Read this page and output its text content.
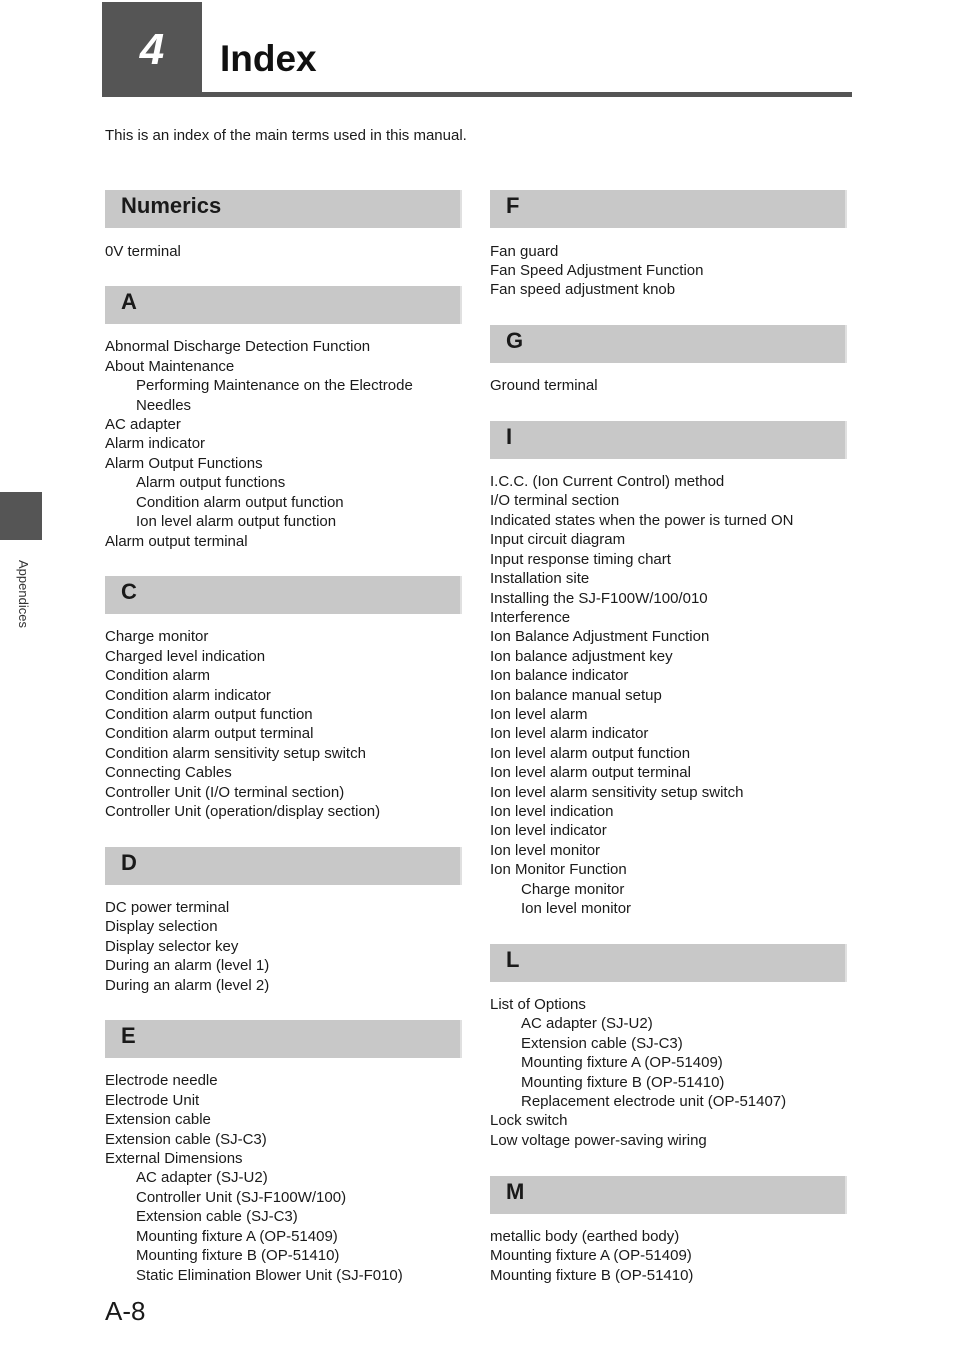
4 Index
This is an index of the main terms used in this manual.
Appendices
Numerics
0V terminal
A
Abnormal Discharge Detection Function
About Maintenance
Performing Maintenance on the Electrode
Needles
AC adapter
Alarm indicator
Alarm Output Functions
Alarm output functions
Condition alarm output function
Ion level alarm output function
Alarm output terminal
C
Charge monitor
Charged level indication
Condition alarm
Condition alarm indicator
Condition alarm output function
Condition alarm output terminal
Condition alarm sensitivity setup switch
Connecting Cables
Controller Unit (I/O terminal section)
Controller Unit (operation/display section)
D
DC power terminal
Display selection
Display selector key
During an alarm (level 1)
During an alarm (level 2)
E
Electrode needle
Electrode Unit
Extension cable
Extension cable (SJ-C3)
External Dimensions
AC adapter (SJ-U2)
Controller Unit (SJ-F100W/100)
Extension cable (SJ-C3)
Mounting fixture A (OP-51409)
Mounting fixture B (OP-51410)
Static Elimination Blower Unit (SJ-F010)
F
Fan guard
Fan Speed Adjustment Function
Fan speed adjustment knob
G
Ground terminal
I
I.C.C. (Ion Current Control) method
I/O terminal section
Indicated states when the power is turned ON
Input circuit diagram
Input response timing chart
Installation site
Installing the SJ-F100W/100/010
Interference
Ion Balance Adjustment Function
Ion balance adjustment key
Ion balance indicator
Ion balance manual setup
Ion level alarm
Ion level alarm indicator
Ion level alarm output function
Ion level alarm output terminal
Ion level alarm sensitivity setup switch
Ion level indication
Ion level indicator
Ion level monitor
Ion Monitor Function
Charge monitor
Ion level monitor
L
List of Options
AC adapter (SJ-U2)
Extension cable (SJ-C3)
Mounting fixture A (OP-51409)
Mounting fixture B (OP-51410)
Replacement electrode unit (OP-51407)
Lock switch
Low voltage power-saving wiring
M
metallic body (earthed body)
Mounting fixture A (OP-51409)
Mounting fixture B (OP-51410)
A-8
